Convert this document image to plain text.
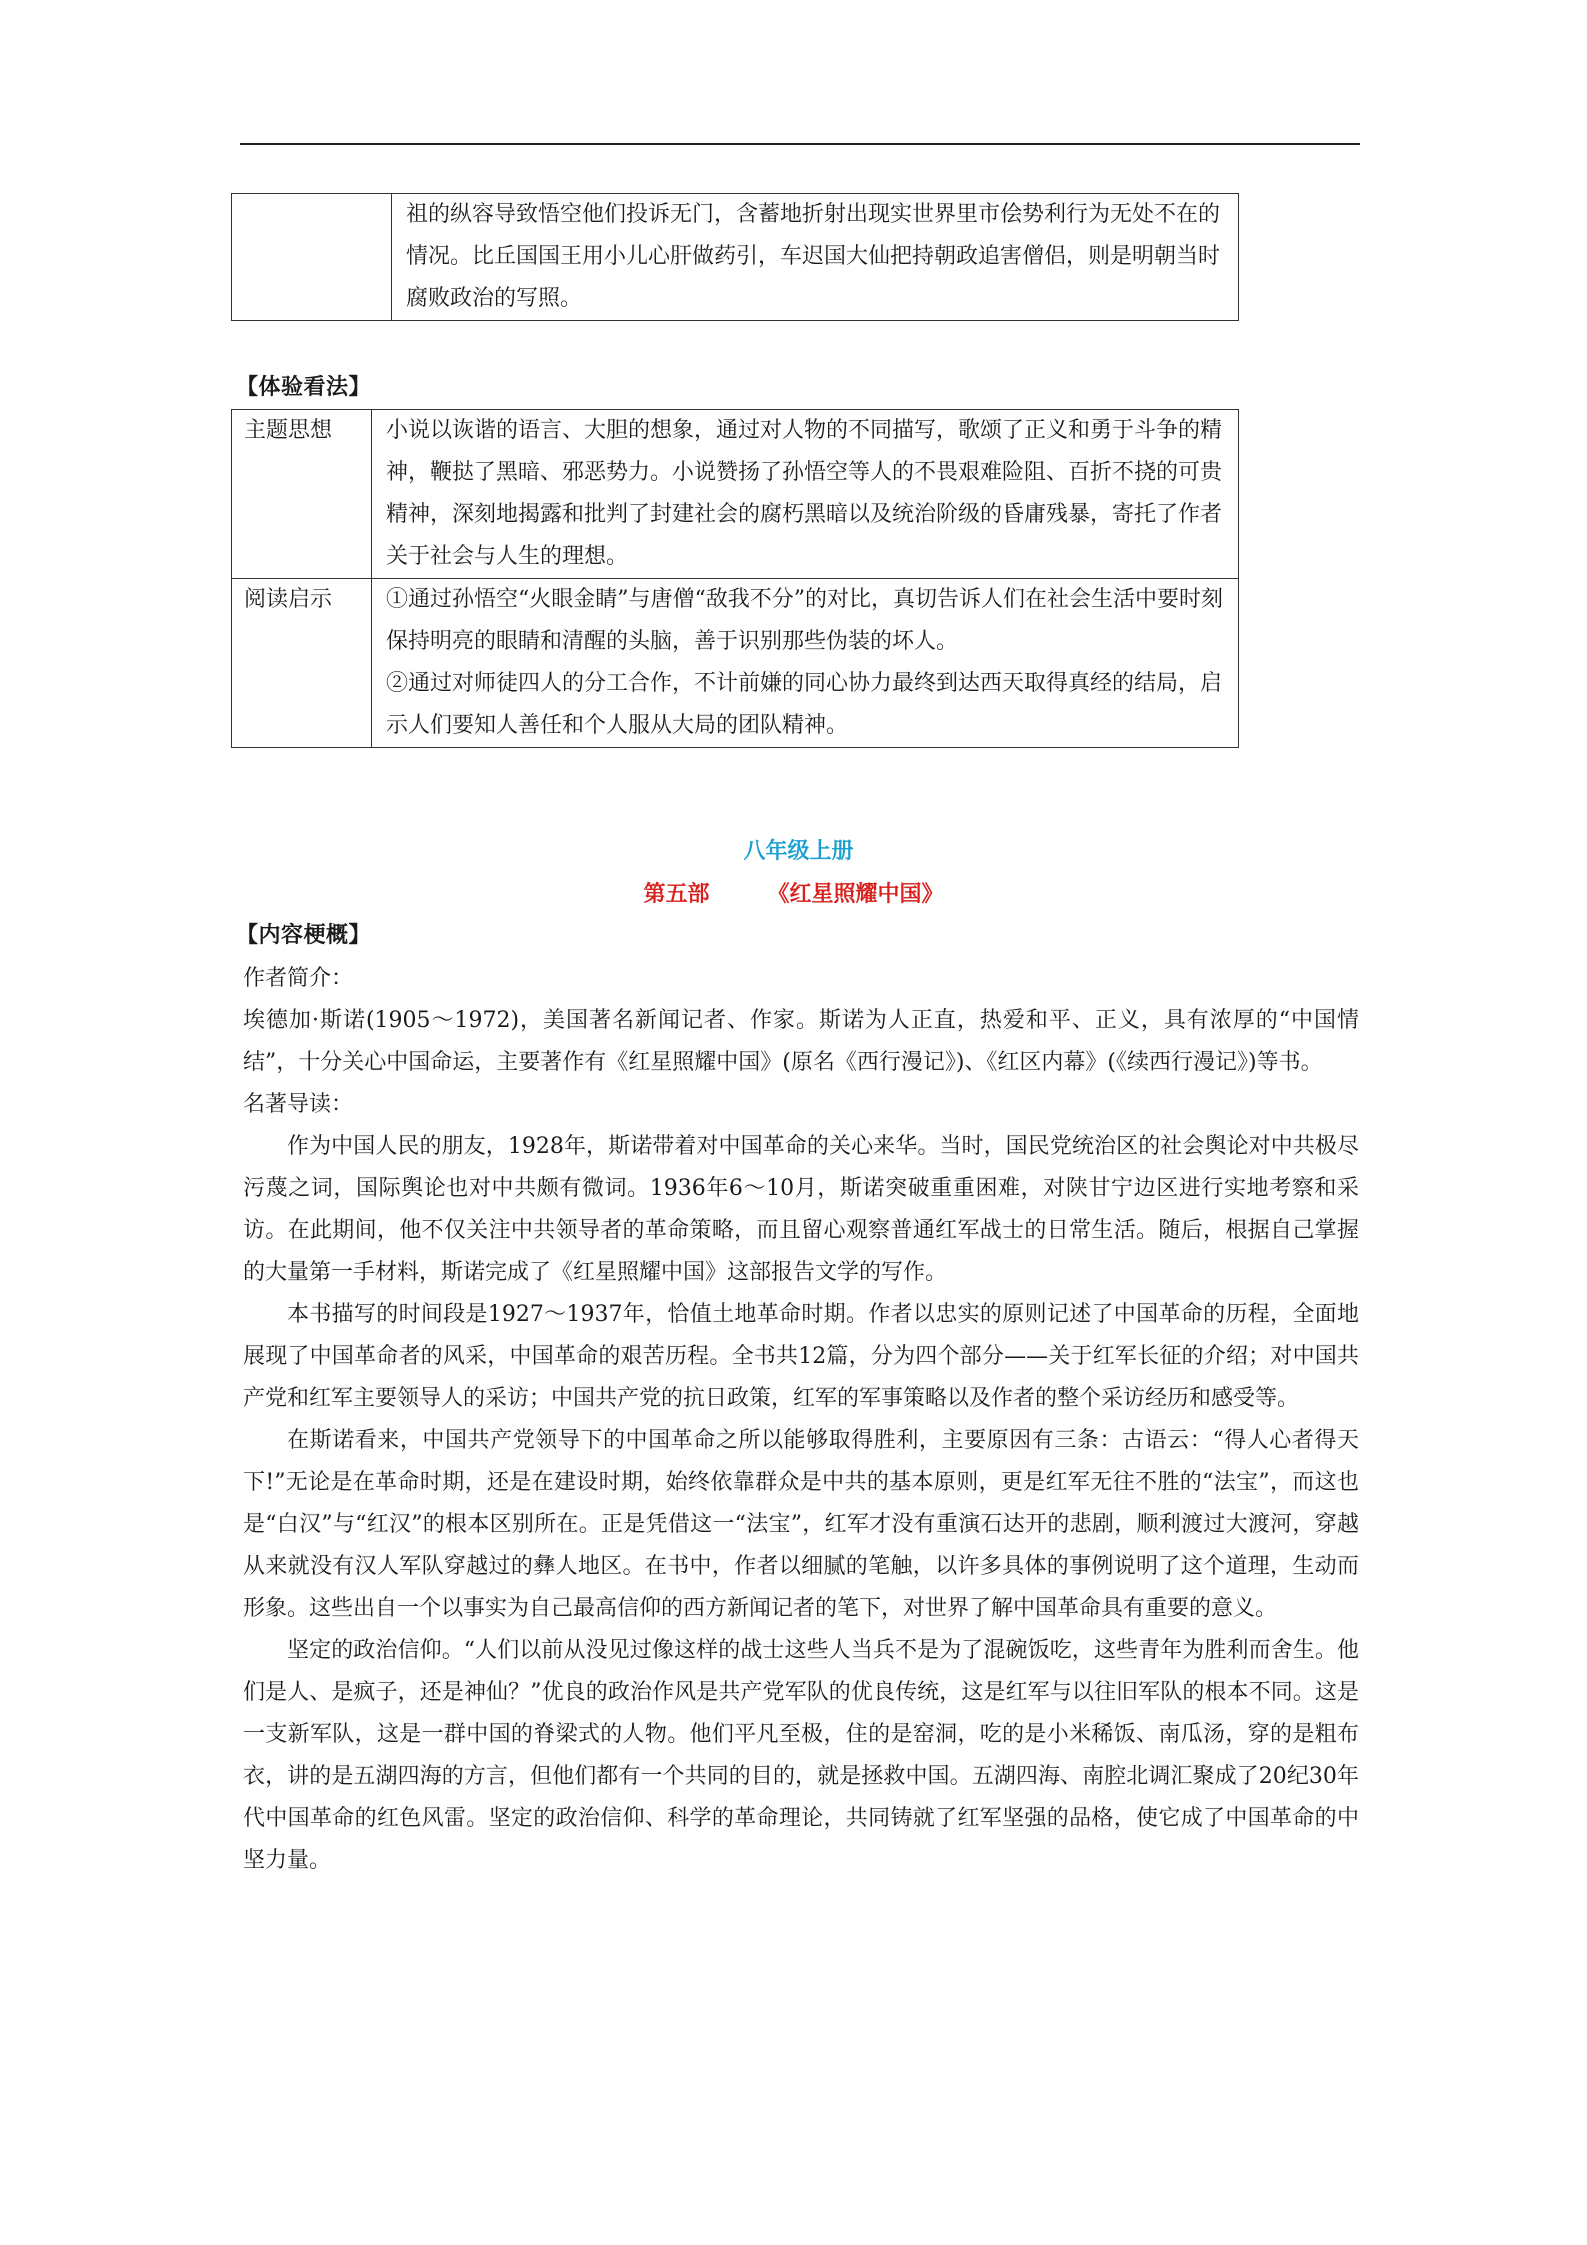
祖的纵容导致悟空他们投诉无门，含蓄地折射出现实世界里市侩势利行为无处不在的情况。比丘国国王用小儿心肝做药引，车迟国大仙把持朝政追害僧侣，则是明朝当时腐败政治的写照。

【体验看法】
主题思想	小说以诙谐的语言、大胆的想象，通过对人物的不同描写，歌颂了正义和勇于斗争的精神，鞭挞了黑暗、邪恶势力。小说赞扬了孙悟空等人的不畏艰难险阻、百折不挠的可贵精神，深刻地揭露和批判了封建社会的腐朽黑暗以及统治阶级的昏庸残暴，寄托了作者关于社会与人生的理想。

阅读启示	①通过孙悟空“火眼金睛”与唐僧“敌我不分”的对比，真切告诉人们在社会生活中要时刻保持明亮的眼睛和清醒的头脑，善于识别那些伪装的坏人。

②通过对师徒四人的分工合作，不计前嫌的同心协力最终到达西天取得真经的结局，启示人们要知人善任和个人服从大局的团队精神。

八年级上册
第五部	《红星照耀中国》
【内容梗概】

作者简介：

埃德加·斯诺(1905～1972)，美国著名新闻记者、作家。斯诺为人正直，热爱和平、正义，具有浓厚的“中国情结”，十分关心中国命运，主要著作有《红星照耀中国》(原名《西行漫记》)、《红区内幕》(《续西行漫记》)等书。

名著导读：

作为中国人民的朋友，1928年，斯诺带着对中国革命的关心来华。当时，国民党统治区的社会舆论对中共极尽污蔑之词，国际舆论也对中共颇有微词。1936年6～10月，斯诺突破重重困难，对陕甘宁边区进行实地考察和采访。在此期间，他不仅关注中共领导者的革命策略，而且留心观察普通红军战士的日常生活。随后，根据自己掌握的大量第一手材料，斯诺完成了《红星照耀中国》这部报告文学的写作。

本书描写的时间段是1927～1937年，恰值土地革命时期。作者以忠实的原则记述了中国革命的历程，全面地展现了中国革命者的风采，中国革命的艰苦历程。全书共12篇，分为四个部分——关于红军长征的介绍；对中国共产党和红军主要领导人的采访；中国共产党的抗日政策，红军的军事策略以及作者的整个采访经历和感受等。

在斯诺看来，中国共产党领导下的中国革命之所以能够取得胜利，主要原因有三条：古语云：“得人心者得天下!”无论是在革命时期，还是在建设时期，始终依靠群众是中共的基本原则，更是红军无往不胜的“法宝”，而这也是“白汉”与“红汉”的根本区别所在。正是凭借这一“法宝”，红军才没有重演石达开的悲剧，顺利渡过大渡河，穿越从来就没有汉人军队穿越过的彝人地区。在书中，作者以细腻的笔触，以许多具体的事例说明了这个道理，生动而形象。这些出自一个以事实为自己最高信仰的西方新闻记者的笔下，对世界了解中国革命具有重要的意义。

坚定的政治信仰。“人们以前从没见过像这样的战士这些人当兵不是为了混碗饭吃，这些青年为胜利而舍生。他们是人、是疯子，还是神仙？”优良的政治作风是共产党军队的优良传统，这是红军与以往旧军队的根本不同。这是一支新军队，这是一群中国的脊梁式的人物。他们平凡至极，住的是窑洞，吃的是小米稀饭、南瓜汤，穿的是粗布衣，讲的是五湖四海的方言，但他们都有一个共同的目的，就是拯救中国。五湖四海、南腔北调汇聚成了20纪30年代中国革命的红色风雷。坚定的政治信仰、科学的革命理论，共同铸就了红军坚强的品格，使它成了中国革命的中坚力量。
